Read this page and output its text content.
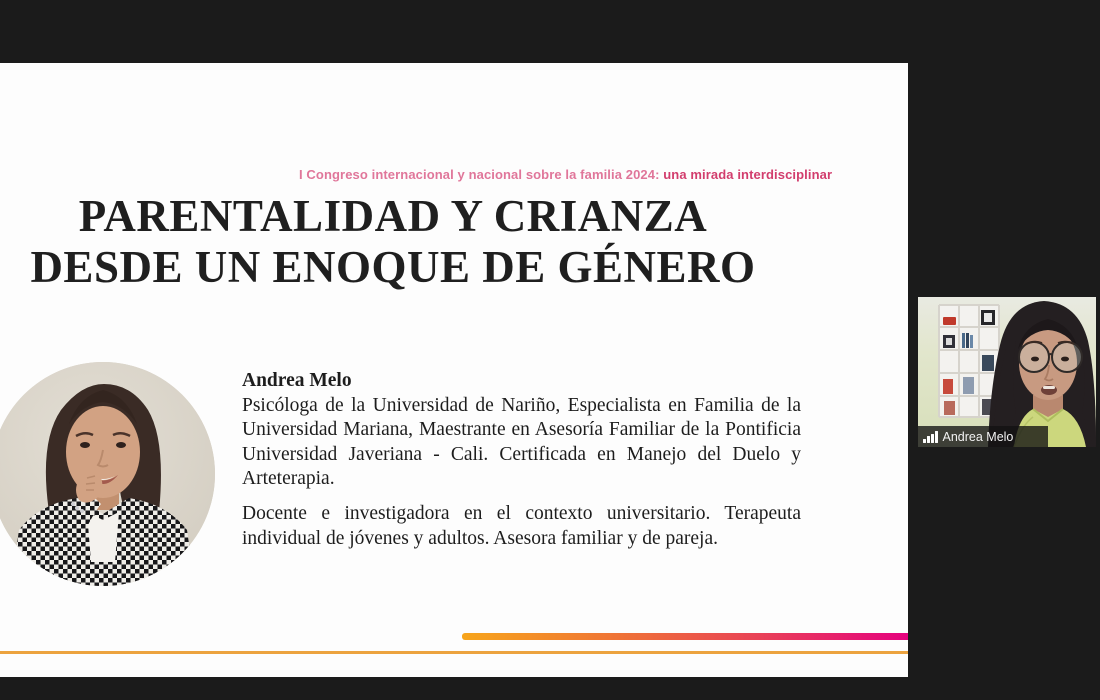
I Congreso internacional y nacional sobre la familia 2024: una mirada interdisciplinar
PARENTALIDAD Y CRIANZA
DESDE UN ENOQUE DE GÉNERO
Andrea Melo

Psicóloga de la Universidad de Nariño, Especialista en Familia de la Universidad Mariana, Maestrante en Asesoría Familiar de la Pontificia Universidad Javeriana - Cali. Certificada en Manejo del Duelo y Arteterapia.

Docente e investigadora en el contexto universitario. Terapeuta individual de jóvenes y adultos. Asesora familiar y de pareja.

Andrea Melo
